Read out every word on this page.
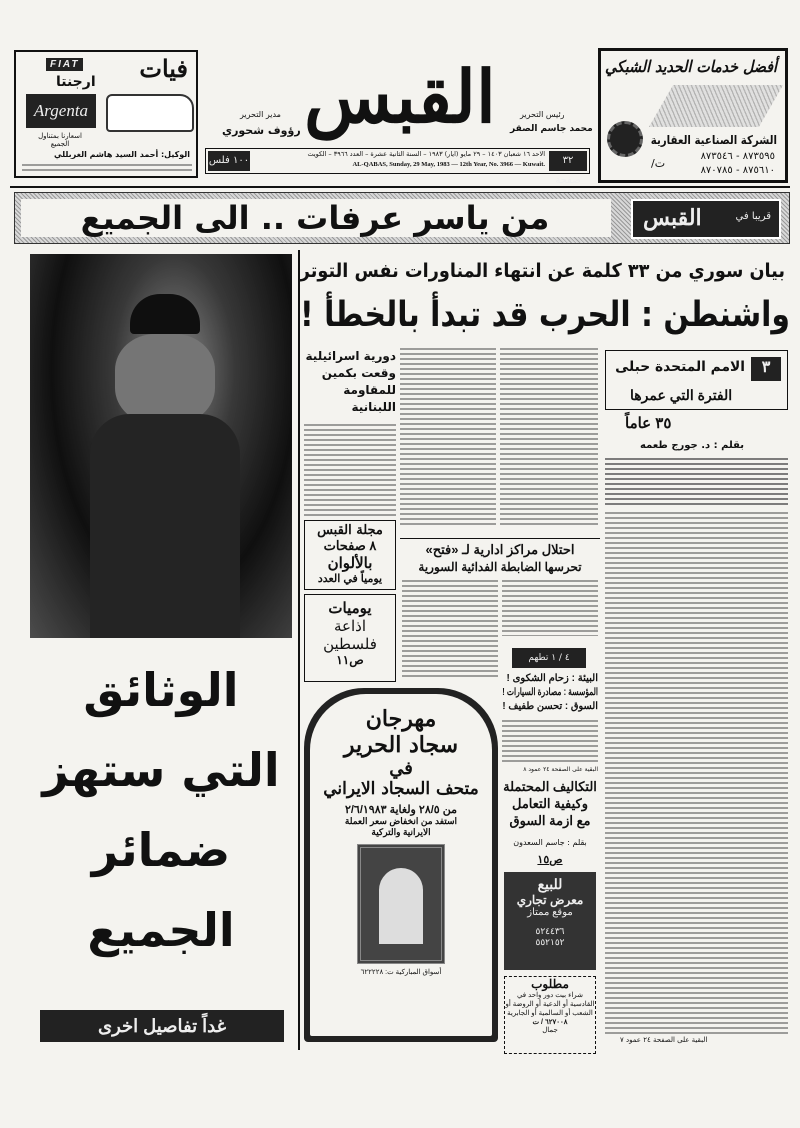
أفضل خدمات الحديد الشبكي
الشركة الصناعية العقارية
ت/
٨٧٣٥٩٥ - ٨٧٣٥٤٦
٨٧٥٦١٠ - ٨٧٠٧٨٥
القبس	رئيس التحرير
محمد جاسم الصقر
مدير التحرير
رؤوف شحوري
٣٢ صفحة
الاحد ١٦ شعبان ١٤٠٣ – ٢٩ مايو (ايار) ١٩٨٣ – السنة الثانية عشرة – العدد ٣٩٦٦ – الكويت
AL-QABAS, Sunday, 29 May, 1983 — 12th Year, No. 3966 — Kuwait.
١٠٠ فلس
فيات
FIAT
ارجنتا
Argenta
اسعارنا بمتناول الجميع
الوكيل: أحمد السيد هاشم الغربللي
من ياسر عرفات .. الى الجميع	قريبا في
القبس
بيان سوري من ٣٣ كلمة عن انتهاء المناورات نفس التوتر
واشنطن : الحرب قد تبدأ بالخطأ !
دورية اسرائيلية وقعت بكمين للمقاومة اللبنانية
٣
الامم المتحدة حبلى
الفترة التي عمرها
٣٥ عاماً
بقلم : د. جورج طعمه
البقية على الصفحة ٢٤ عمود ٧
احتلال مراكز ادارية لـ «فتح»
تحرسها الضابطة الفدائية السورية
مجلة القبس
٨ صفحات
بالألوان
يومياً في العدد
يوميات
اذاعة
فلسطين
ص١١	٤ / ١ تطهم
البيئة : زحام الشكوى !
المؤسسة : مصادرة السيارات !
السوق : تحسن طفيف !
البقية على الصفحة ٢٤ عمود ٨
التكاليف المحتملة
وكيفية التعامل
مع ازمة السوق
بقلم : جاسم السعدون
ص١٥
للبيع
معرض تجاري
موقع ممتاز
٥٢٤٤٣٦
٥٥٢١٥٢
مطلوب
شراء بيت دور واحد في القادسية أو الدعية أو الروضة أو الشعب أو السالمية أو الجابرية
٦٢٧٠٠٨ / ت
جمال
مهرجان
سجاد الحرير
في
متحف السجاد الايراني
من ٢٨/٥ ولغاية ٢/٦/١٩٨٣
استفد من انخفاض سعر العملة
الايرانية والتركية
أسواق المباركية ت: ٦٢٢٢٢٨
الوثائق
التي ستهز
ضمائر
الجميع
غداً تفاصيل اخرى
